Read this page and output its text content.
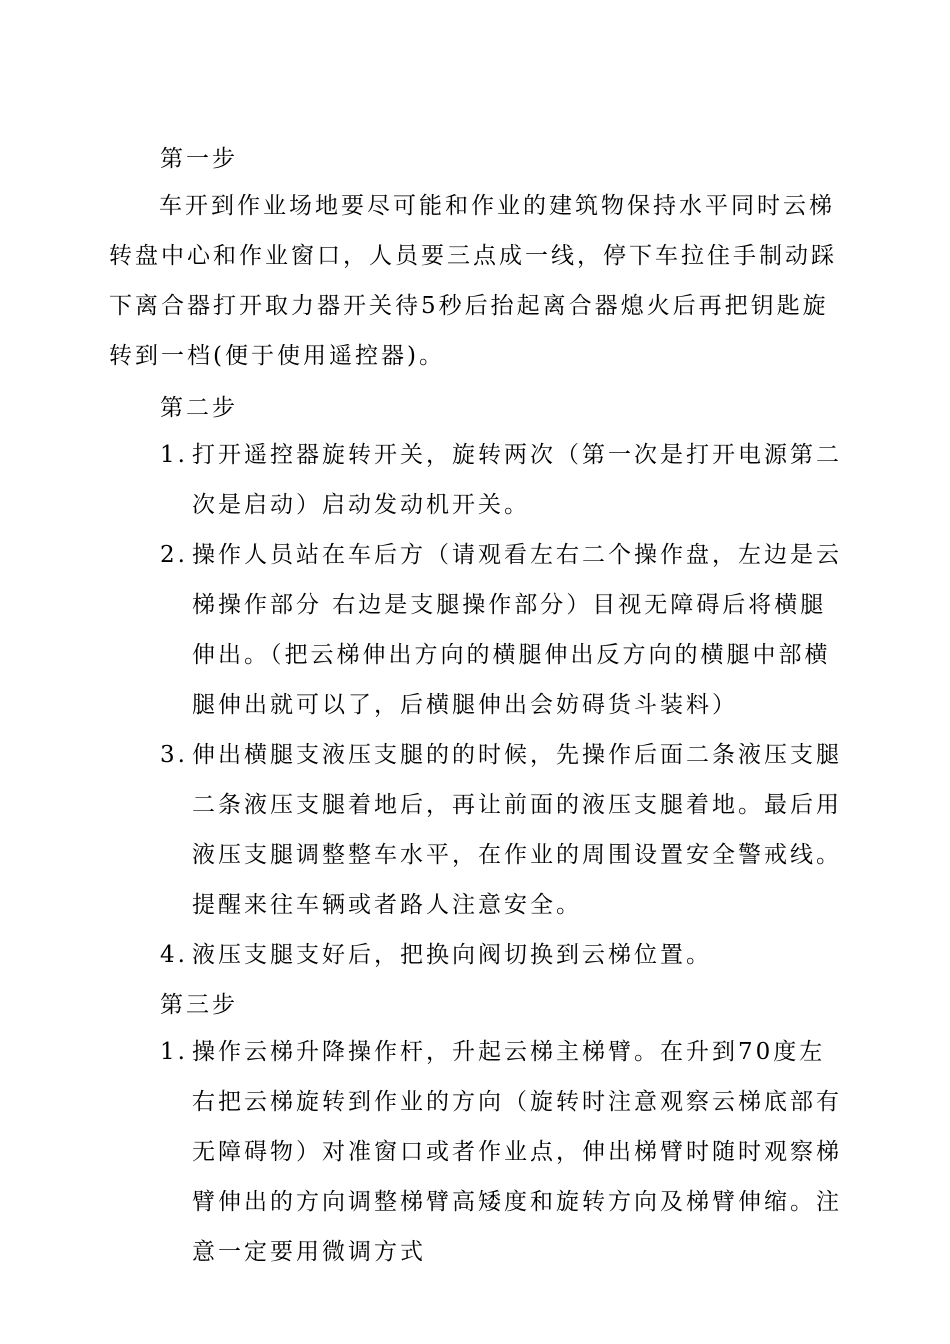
第一步

车开到作业场地要尽可能和作业的建筑物保持水平同时云梯转盘中心和作业窗口，人员要三点成一线，停下车拉住手制动踩下离合器打开取力器开关待5秒后抬起离合器熄火后再把钥匙旋转到一档(便于使用遥控器)。

第二步
1. 打开遥控器旋转开关，旋转两次（第一次是打开电源第二次是启动）启动发动机开关。
2. 操作人员站在车后方（请观看左右二个操作盘，左边是云梯操作部分 右边是支腿操作部分）目视无障碍后将横腿伸出。（把云梯伸出方向的横腿伸出反方向的横腿中部横腿伸出就可以了，后横腿伸出会妨碍货斗装料）
3. 伸出横腿支液压支腿的的时候，先操作后面二条液压支腿二条液压支腿着地后，再让前面的液压支腿着地。最后用液压支腿调整整车水平，在作业的周围设置安全警戒线。提醒来往车辆或者路人注意安全。
4. 液压支腿支好后，把换向阀切换到云梯位置。
第三步
1. 操作云梯升降操作杆，升起云梯主梯臂。在升到70度左右把云梯旋转到作业的方向（旋转时注意观察云梯底部有无障碍物）对准窗口或者作业点，伸出梯臂时随时观察梯臂伸出的方向调整梯臂高矮度和旋转方向及梯臂伸缩。注意一定要用微调方式
